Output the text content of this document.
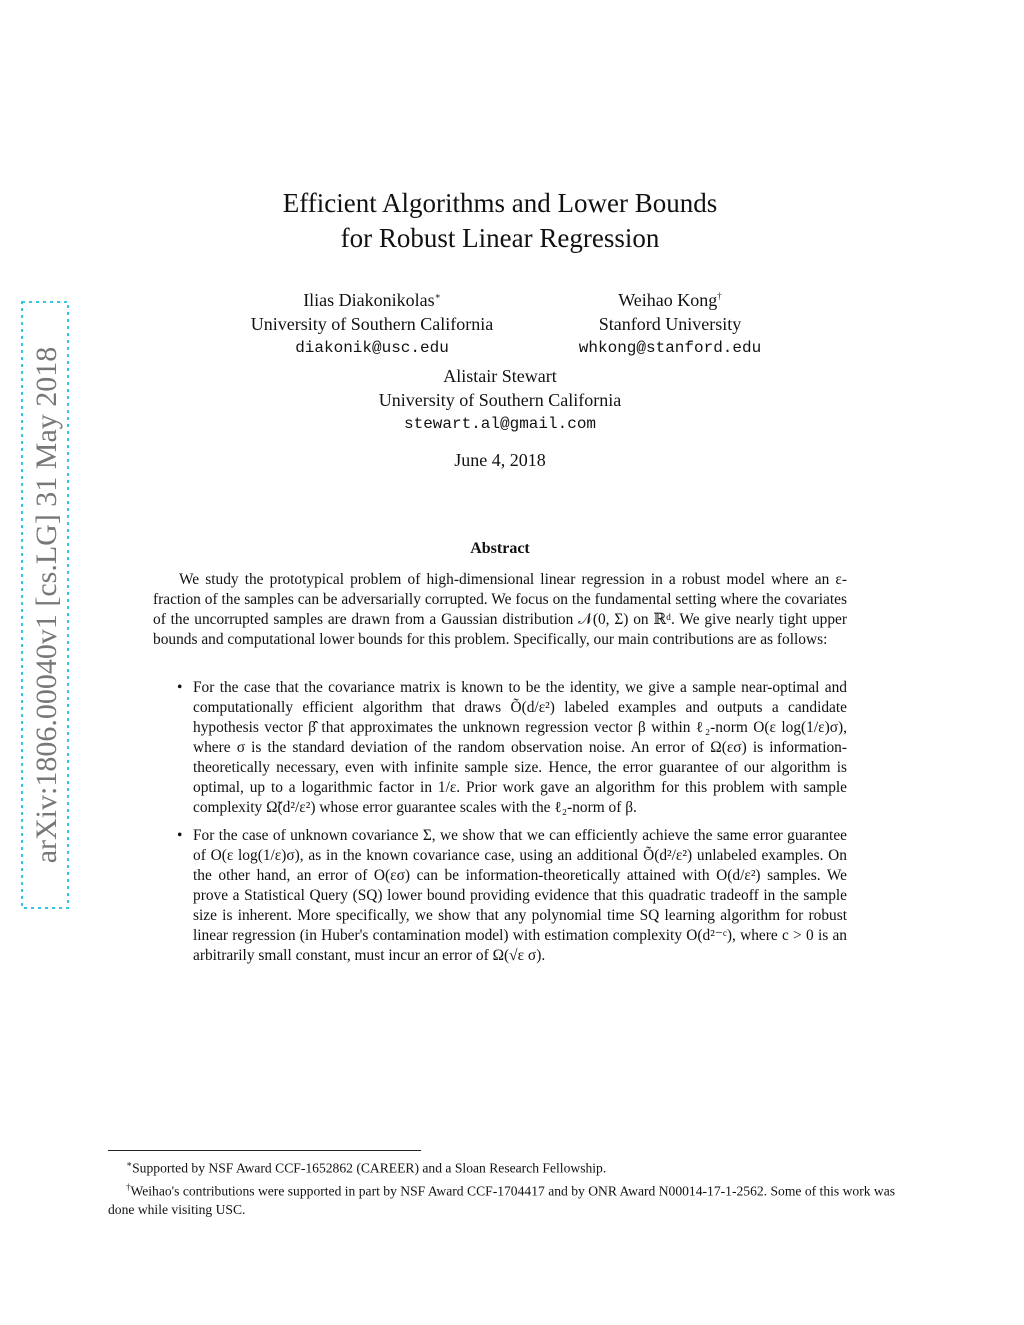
arXiv:1806.00040v1 [cs.LG] 31 May 2018
Efficient Algorithms and Lower Bounds
for Robust Linear Regression
Ilias Diakonikolas∗
University of Southern California
diakonik@usc.edu
Weihao Kong†
Stanford University
whkong@stanford.edu
Alistair Stewart
University of Southern California
stewart.al@gmail.com
June 4, 2018
Abstract

We study the prototypical problem of high-dimensional linear regression in a robust model where an ε-fraction of the samples can be adversarially corrupted. We focus on the fundamental setting where the covariates of the uncorrupted samples are drawn from a Gaussian distribution 𝒩(0, Σ) on ℝᵈ. We give nearly tight upper bounds and computational lower bounds for this problem. Specifically, our main contributions are as follows:

• For the case that the covariance matrix is known to be the identity, we give a sample near-optimal and computationally efficient algorithm that draws Õ(d/ε²) labeled examples and outputs a candidate hypothesis vector β̂ that approximates the unknown regression vector β within ℓ₂-norm O(ε log(1/ε)σ), where σ is the standard deviation of the random observation noise. An error of Ω(εσ) is information-theoretically necessary, even with infinite sample size. Hence, the error guarantee of our algorithm is optimal, up to a logarithmic factor in 1/ε. Prior work gave an algorithm for this problem with sample complexity Ω̃(d²/ε²) whose error guarantee scales with the ℓ₂-norm of β.
• For the case of unknown covariance Σ, we show that we can efficiently achieve the same error guarantee of O(ε log(1/ε)σ), as in the known covariance case, using an additional Õ(d²/ε²) unlabeled examples. On the other hand, an error of O(εσ) can be information-theoretically attained with O(d/ε²) samples. We prove a Statistical Query (SQ) lower bound providing evidence that this quadratic tradeoff in the sample size is inherent. More specifically, we show that any polynomial time SQ learning algorithm for robust linear regression (in Huber's contamination model) with estimation complexity O(d²⁻ᶜ), where c > 0 is an arbitrarily small constant, must incur an error of Ω(√ε σ).

∗Supported by NSF Award CCF-1652862 (CAREER) and a Sloan Research Fellowship.

†Weihao's contributions were supported in part by NSF Award CCF-1704417 and by ONR Award N00014-17-1-2562. Some of this work was done while visiting USC.
